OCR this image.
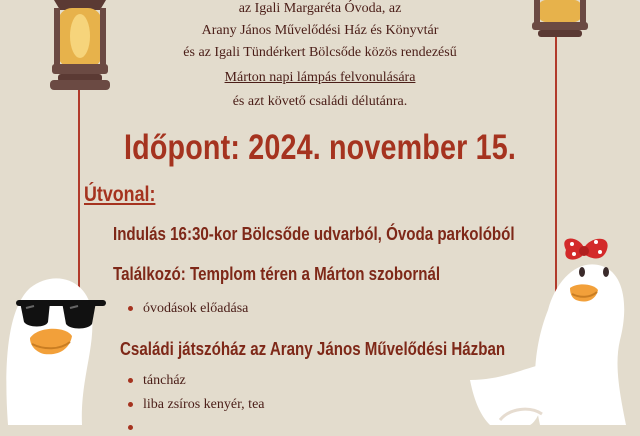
az Igali Margaréta Óvoda, az
Arany János Művelődési Ház és Könyvtár
és az Igali Tündérkert Bölcsőde közös rendezésű
Márton napi lámpás felvonulására
és azt követő családi délutánra.
Időpont: 2024. november 15.
Útvonal:
Indulás 16:30-kor Bölcsőde udvarból, Óvoda parkolóból
Találkozó: Templom téren a Márton szobornál
óvodások előadása
Családi játszóház az Arany János Művelődési Házban
táncház
liba zsíros kenyér, tea
